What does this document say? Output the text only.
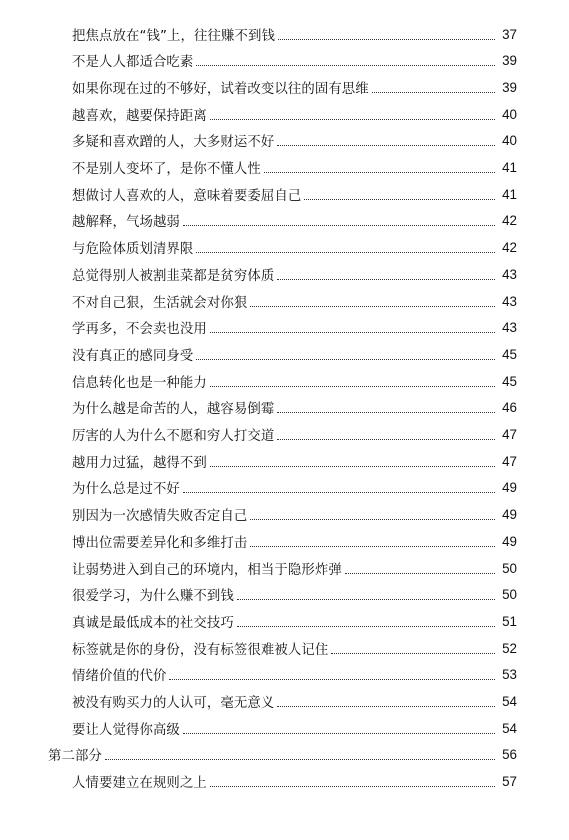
把焦点放在“钱”上，往往赚不到钱	37
不是人人都适合吃素	39
如果你现在过的不够好，试着改变以往的固有思维	39
越喜欢，越要保持距离	40
多疑和喜欢蹭的人，大多财运不好	40
不是别人变坏了，是你不懂人性	41
想做讨人喜欢的人，意味着要委屈自己	41
越解释，气场越弱	42
与危险体质划清界限	42
总觉得别人被割韭菜都是贫穷体质	43
不对自己狠，生活就会对你狠	43
学再多，不会卖也没用	43
没有真正的感同身受	45
信息转化也是一种能力	45
为什么越是命苦的人，越容易倒霉	46
厉害的人为什么不愿和穷人打交道	47
越用力过猛，越得不到	47
为什么总是过不好	49
别因为一次感情失败否定自己	49
博出位需要差异化和多维打击	49
让弱势进入到自己的环境内，相当于隐形炸弹	50
很爱学习，为什么赚不到钱	50
真诚是最低成本的社交技巧	51
标签就是你的身份，没有标签很难被人记住	52
情绪价值的代价	53
被没有购买力的人认可，毫无意义	54
要让人觉得你高级	54
第二部分	56
人情要建立在规则之上	57
